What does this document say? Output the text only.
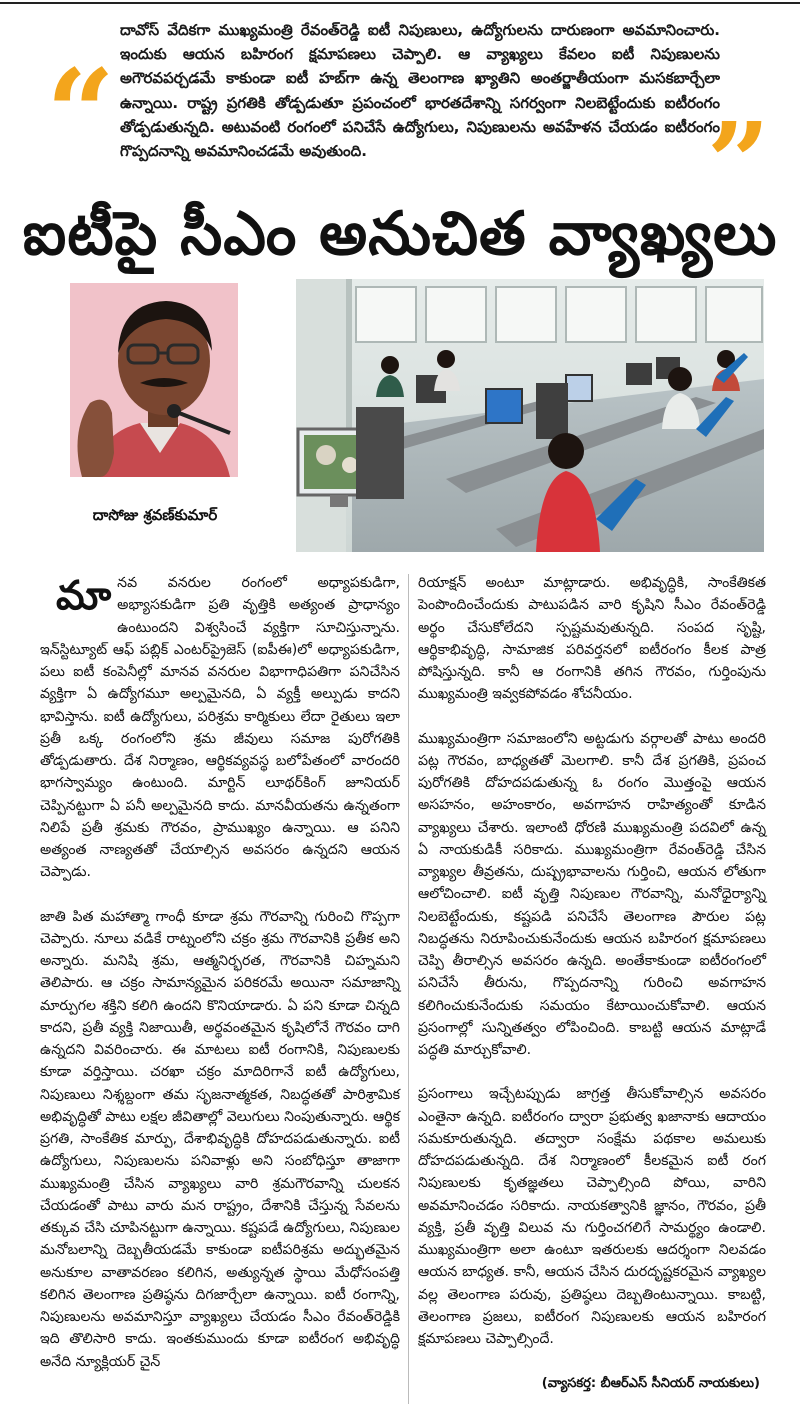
“

దావోస్ వేదికగా ముఖ్యమంత్రి రేవంత్‌రెడ్డి ఐటీ నిపుణులు, ఉద్యోగులను దారుణంగా అవమానించారు. ఇందుకు ఆయన బహిరంగ క్షమాపణలు చెప్పాలి. ఆ వ్యాఖ్యలు కేవలం ఐటీ నిపుణులను అగౌరవపర్చడమే కాకుండా ఐటీ హబ్‌గా ఉన్న తెలంగాణ ఖ్యాతిని అంతర్జాతీయంగా మసకబార్చేలా ఉన్నాయి. రాష్ట్ర ప్రగతికి తోడ్పడుతూ ప్రపంచంలో భారతదేశాన్ని సగర్వంగా నిలబెట్టేందుకు ఐటీరంగం తోడ్పడుతున్నది. అటువంటి రంగంలో పనిచేసే ఉద్యోగులు, నిపుణులను అవహేళన చేయడం ఐటీరంగం గొప్పదనాన్ని అవమానించడమే అవుతుంది.	”
ఐటీపై సీఎం అనుచిత వ్యాఖ్యలు

దాసోజు శ్రవణ్‌కుమార్

మా నవ వనరుల రంగంలో అధ్యాపకుడిగా, అభ్యాసకుడిగా ప్రతి వృత్తికి అత్యంత ప్రాధాన్యం ఉంటుందని విశ్వసించే వ్యక్తిగా సూచిస్తున్నాను. ఇన్‌స్టిట్యూట్ ఆఫ్ పబ్లిక్ ఎంటర్‌ప్రైజెస్ (ఐపీఈ)లో అధ్యాపకుడిగా, పలు ఐటీ కంపెనీల్లో మానవ వనరుల విభాగాధిపతిగా పనిచేసిన వ్యక్తిగా ఏ ఉద్యోగమూ అల్పమైనది, ఏ వ్యక్తీ అల్పుడు కాదని భావిస్తాను. ఐటీ ఉద్యోగులు, పరిశ్రమ కార్మికులు లేదా రైతులు ఇలా ప్రతీ ఒక్క రంగంలోని శ్రమ జీవులు సమాజ పురోగతికి తోడ్పడుతారు. దేశ నిర్మాణం, ఆర్థికవ్యవస్థ బలోపేతంలో వారందరి భాగస్వామ్యం ఉంటుంది. మార్టిన్ లూథర్‌కింగ్ జూనియర్ చెప్పినట్టుగా ఏ పనీ అల్పమైనది కాదు. మానవీయతను ఉన్నతంగా నిలిపే ప్రతీ శ్రమకు గౌరవం, ప్రాముఖ్యం ఉన్నాయి. ఆ పనిని అత్యంత నాణ్యతతో చేయాల్సిన అవసరం ఉన్నదని ఆయన చెప్పాడు.

జాతి పిత మహాత్మా గాంధీ కూడా శ్రమ గౌరవాన్ని గురించి గొప్పగా చెప్పారు. నూలు వడికే రాట్నంలోని చక్రం శ్రమ గౌరవానికి ప్రతీక అని అన్నారు. మనిషి శ్రమ, ఆత్మనిర్భరత, గౌరవానికి చిహ్నమని తెలిపారు. ఆ చక్రం సామాన్యమైన పరికరమే అయినా సమాజాన్ని మార్పుగల శక్తిని కలిగి ఉందని కొనియాడారు. ఏ పని కూడా చిన్నది కాదని, ప్రతీ వ్యక్తి నిజాయితీ, అర్థవంతమైన కృషిలోనే గౌరవం దాగి ఉన్నదని వివరించారు. ఈ మాటలు ఐటీ రంగానికి, నిపుణులకు కూడా వర్తిస్తాయి. చరఖా చక్రం మాదిరిగానే ఐటీ ఉద్యోగులు, నిపుణులు నిశ్శబ్దంగా తమ సృజనాత్మకత, నిబద్ధతతో పారిశ్రామిక అభివృద్ధితో పాటు లక్షల జీవితాల్లో వెలుగులు నింపుతున్నారు. ఆర్థిక ప్రగతి, సాంకేతిక మార్పు, దేశాభివృద్ధికి దోహదపడుతున్నారు. ఐటీ ఉద్యోగులు, నిపుణులను పనివాళ్లు అని సంబోధిస్తూ తాజాగా ముఖ్యమంత్రి చేసిన వ్యాఖ్యలు వారి శ్రమగౌరవాన్ని చులకన చేయడంతో పాటు వారు మన రాష్ట్రం, దేశానికి చేస్తున్న సేవలను తక్కువ చేసి చూపినట్టుగా ఉన్నాయి. కష్టపడే ఉద్యోగులు, నిపుణుల మనోబలాన్ని దెబ్బతీయడమే కాకుండా ఐటీపరిశ్రమ అద్భుతమైన అనుకూల వాతావరణం కలిగిన, అత్యున్నత స్థాయి మేధోసంపత్తి కలిగిన తెలంగాణ ప్రతిష్ఠను దిగజార్చేలా ఉన్నాయి. ఐటీ రంగాన్ని, నిపుణులను అవమానిస్తూ వ్యాఖ్యలు చేయడం సీఎం రేవంత్‌రెడ్డికి ఇది తొలిసారి కాదు. ఇంతకుముందు కూడా ఐటీరంగ అభివృద్ధి అనేది న్యూక్లియర్ చైన్

రియాక్షన్ అంటూ మాట్లాడారు. అభివృద్ధికి, సాంకేతికత పెంపొందించేందుకు పాటుపడిన వారి కృషిని సీఎం రేవంత్‌రెడ్డి అర్థం చేసుకోలేదని స్పష్టమవుతున్నది. సంపద సృష్టి, ఆర్థికాభివృద్ధి, సామాజిక పరివర్తనలో ఐటీరంగం కీలక పాత్ర పోషిస్తున్నది. కానీ ఆ రంగానికి తగిన గౌరవం, గుర్తింపును ముఖ్యమంత్రి ఇవ్వకపోవడం శోచనీయం.

ముఖ్యమంత్రిగా సమాజంలోని అట్టడుగు వర్గాలతో పాటు అందరి పట్ల గౌరవం, బాధ్యతతో మెలగాలి. కానీ దేశ ప్రగతికి, ప్రపంచ పురోగతికి దోహదపడుతున్న ఓ రంగం మొత్తంపై ఆయన అసహనం, అహంకారం, అవగాహన రాహిత్యంతో కూడిన వ్యాఖ్యలు చేశారు. ఇలాంటి ధోరణి ముఖ్యమంత్రి పదవిలో ఉన్న ఏ నాయకుడికీ సరికాదు. ముఖ్యమంత్రిగా రేవంత్‌రెడ్డి చేసిన వ్యాఖ్యల తీవ్రతను, దుష్ప్రభావాలను గుర్తించి, ఆయన లోతుగా ఆలోచించాలి. ఐటీ వృత్తి నిపుణుల గౌరవాన్ని, మనోధైర్యాన్ని నిలబెట్టేందుకు, కష్టపడి పనిచేసే తెలంగాణ పౌరుల పట్ల నిబద్ధతను నిరూపించుకునేందుకు ఆయన బహిరంగ క్షమాపణలు చెప్పి తీరాల్సిన అవసరం ఉన్నది. అంతేకాకుండా ఐటీరంగంలో పనిచేసే తీరును, గొప్పదనాన్ని గురించి అవగాహన కలిగించుకునేందుకు సమయం కేటాయించుకోవాలి. ఆయన ప్రసంగాల్లో సున్నితత్వం లోపించింది. కాబట్టి ఆయన మాట్లాడే పద్ధతి మార్చుకోవాలి.

ప్రసంగాలు ఇచ్చేటప్పుడు జాగ్రత్త తీసుకోవాల్సిన అవసరం ఎంతైనా ఉన్నది. ఐటీరంగం ద్వారా ప్రభుత్వ ఖజానాకు ఆదాయం సమకూరుతున్నది. తద్వారా సంక్షేమ పథకాల అమలుకు దోహదపడుతున్నది. దేశ నిర్మాణంలో కీలకమైన ఐటీ రంగ నిపుణులకు కృతజ్ఞతలు చెప్పాల్సింది పోయి, వారిని అవమానించడం సరికాదు. నాయకత్వానికి జ్ఞానం, గౌరవం, ప్రతీ వ్యక్తి, ప్రతీ వృత్తి విలువ ను గుర్తించగలిగే సామర్థ్యం ఉండాలి. ముఖ్యమంత్రిగా అలా ఉంటూ ఇతరులకు ఆదర్శంగా నిలవడం ఆయన బాధ్యత. కానీ, ఆయన చేసిన దురదృష్టకరమైన వ్యాఖ్యల వల్ల తెలంగాణ పరువు, ప్రతిష్ఠలు దెబ్బతింటున్నాయి. కాబట్టి, తెలంగాణ ప్రజలు, ఐటీరంగ నిపుణులకు ఆయన బహిరంగ క్షమాపణలు చెప్పాల్సిందే.

(వ్యాసకర్త: బీఆర్‌ఎస్ సీనియర్ నాయకులు)
